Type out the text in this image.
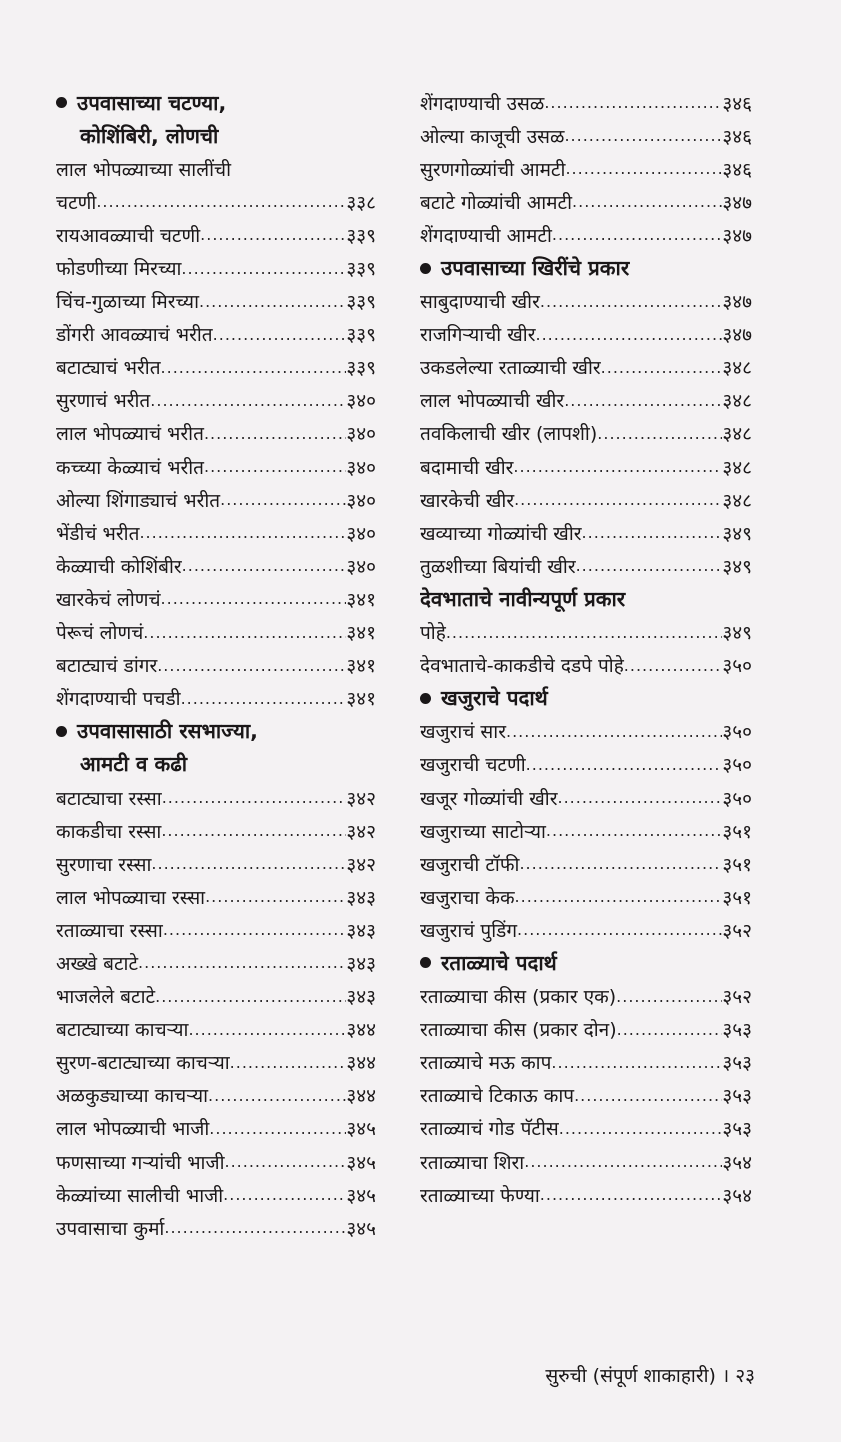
उपवासाच्या चटण्या,
कोशिंबिरी, लोणची
लाल भोपळ्याच्या सालींची
चटणी .....	३३८
रायआवळ्याची चटणी .....	३३९
फोडणीच्या मिरच्या .....	३३९
चिंच-गुळाच्या मिरच्या .....	३३९
डोंगरी आवळ्याचं भरीत .....	३३९
बटाट्याचं भरीत .....	३३९
सुरणाचं भरीत .....	३४०
लाल भोपळ्याचं भरीत .....	३४०
कच्च्या केळ्याचं भरीत .....	३४०
ओल्या शिंगाड्याचं भरीत .....	३४०
भेंडीचं भरीत .....	३४०
केळ्याची कोशिंबीर .....	३४०
खारकेचं लोणचं .....	३४१
पेरूचं लोणचं .....	३४१
बटाट्याचं डांगर .....	३४१
शेंगदाण्याची पचडी .....	३४१
उपवासासाठी रसभाज्या,
आमटी व कढी
बटाट्याचा रस्सा .....	३४२
काकडीचा रस्सा .....	३४२
सुरणाचा रस्सा .....	३४२
लाल भोपळ्याचा रस्सा .....	३४३
रताळ्याचा रस्सा .....	३४३
अख्खे बटाटे .....	३४३
भाजलेले बटाटे .....	३४३
बटाट्याच्या काचऱ्या .....	३४४
सुरण-बटाट्याच्या काचऱ्या .....	३४४
अळकुड्याच्या काचऱ्या .....	३४४
लाल भोपळ्याची भाजी .....	३४५
फणसाच्या गऱ्यांची भाजी .....	३४५
केळ्यांच्या सालीची भाजी .....	३४५
उपवासाचा कुर्मा .....	३४५
शेंगदाण्याची उसळ .....	३४६
ओल्या काजूची उसळ .....	३४६
सुरणगोळ्यांची आमटी .....	३४६
बटाटे गोळ्यांची आमटी .....	३४७
शेंगदाण्याची आमटी .....	३४७
उपवासाच्या खिरींचे प्रकार
साबुदाण्याची खीर .....	३४७
राजगिऱ्याची खीर .....	३४७
उकडलेल्या रताळ्याची खीर .....	३४८
लाल भोपळ्याची खीर .....	३४८
तवकिलाची खीर (लापशी) .....	३४८
बदामाची खीर .....	३४८
खारकेची खीर .....	३४८
खव्याच्या गोळ्यांची खीर .....	३४९
तुळशीच्या बियांची खीर .....	३४९
देवभाताचे नावीन्यपूर्ण प्रकार
पोहे .....	३४९
देवभाताचे-काकडीचे दडपे पोहे .....	३५०
खजुराचे पदार्थ
खजुराचं सार .....	३५०
खजुराची चटणी .....	३५०
खजूर गोळ्यांची खीर .....	३५०
खजुराच्या साटोऱ्या .....	३५१
खजुराची टॉफी .....	३५१
खजुराचा केक .....	३५१
खजुराचं पुडिंग .....	३५२
रताळ्याचे पदार्थ
रताळ्याचा कीस (प्रकार एक) .....	३५२
रताळ्याचा कीस (प्रकार दोन) .....	३५३
रताळ्याचे मऊ काप .....	३५३
रताळ्याचे टिकाऊ काप .....	३५३
रताळ्याचं गोड पॅटीस .....	३५३
रताळ्याचा शिरा .....	३५४
रताळ्याच्या फेण्या .....	३५४
सुरुची (संपूर्ण शाकाहारी) । २३
